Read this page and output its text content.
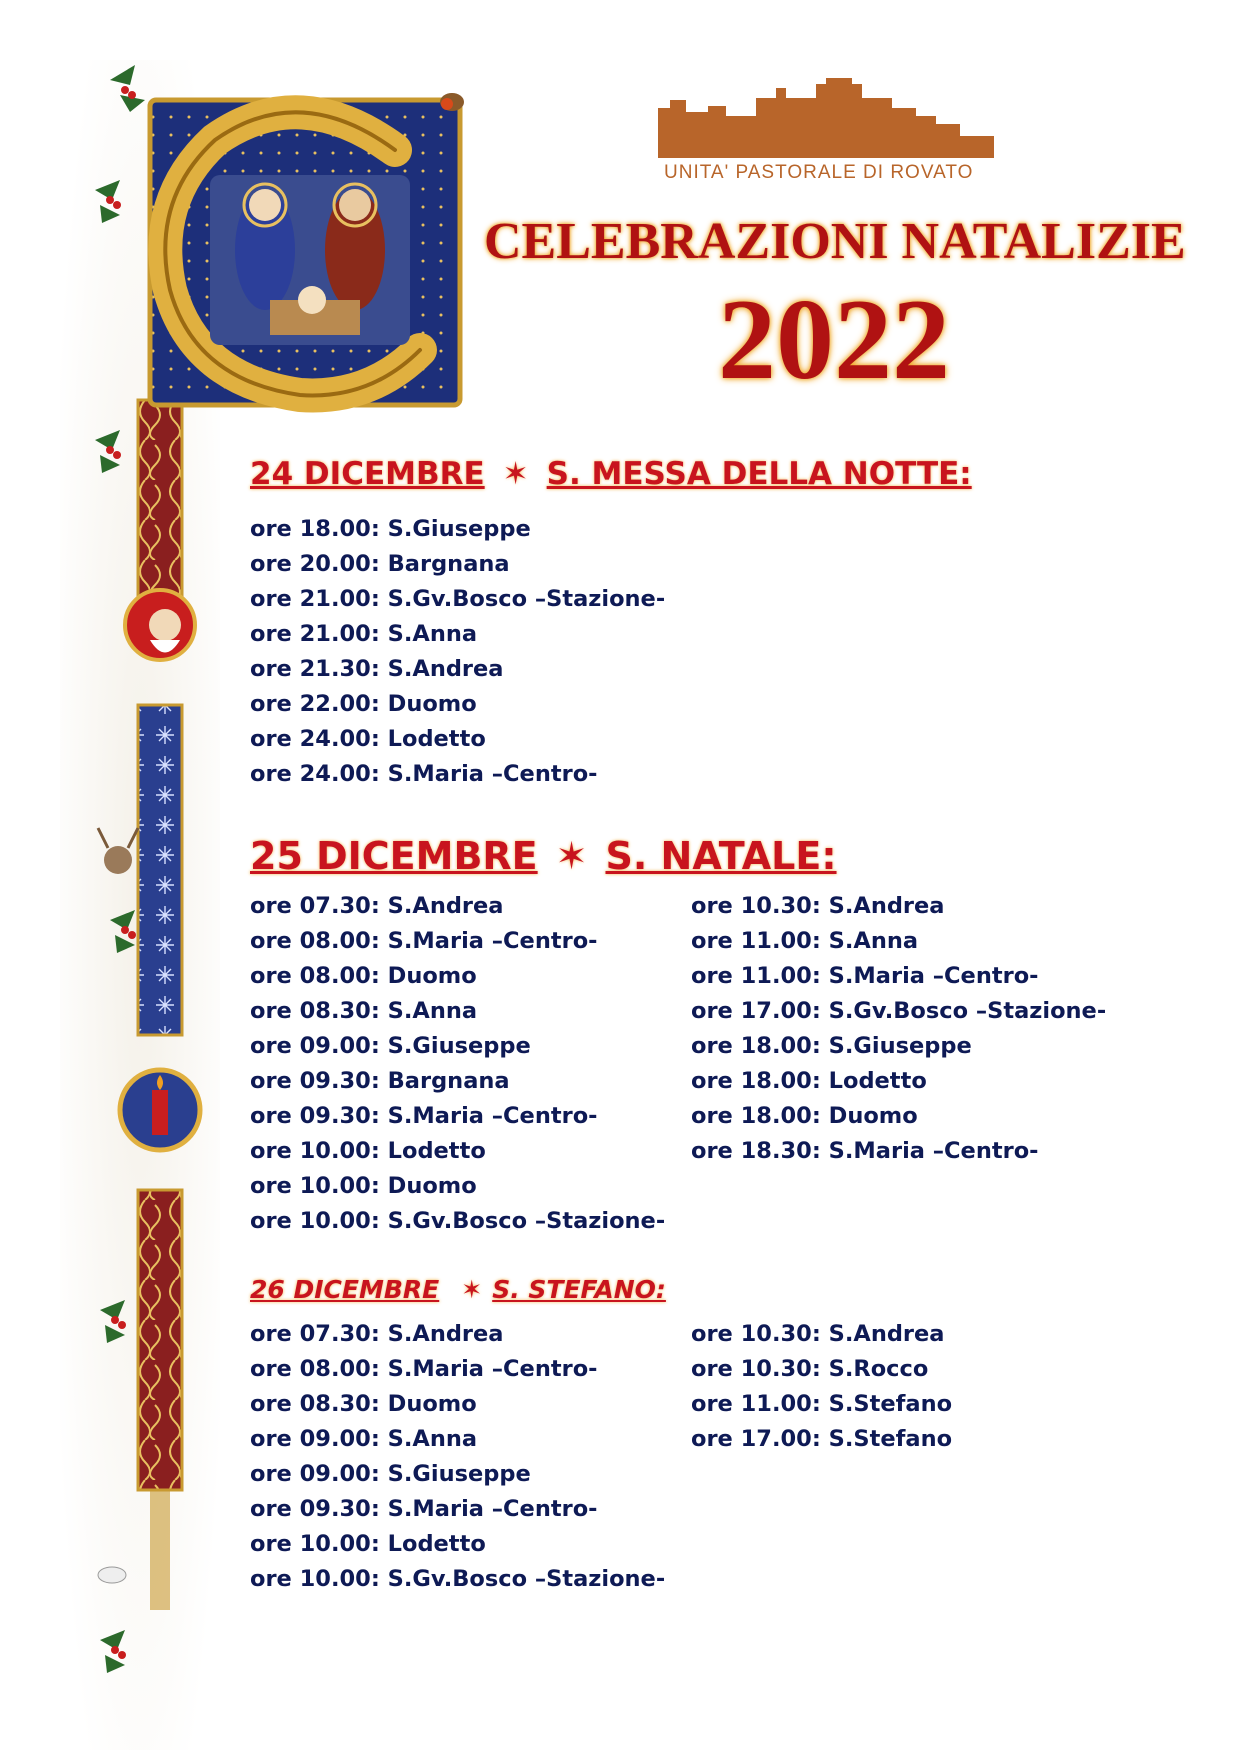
UNITA' PASTORALE DI ROVATO
CELEBRAZIONI NATALIZIE
2022
24 DICEMBRE ✶ S. MESSA DELLA NOTTE:
ore 18.00: S.Giuseppe
ore 20.00: Bargnana
ore 21.00: S.Gv.Bosco –Stazione-
ore 21.00: S.Anna
ore 21.30: S.Andrea
ore 22.00: Duomo
ore 24.00: Lodetto
ore 24.00: S.Maria –Centro-
25 DICEMBRE ✶ S. NATALE:
ore 07.30: S.Andrea
ore 08.00: S.Maria –Centro-
ore 08.00: Duomo
ore 08.30: S.Anna
ore 09.00: S.Giuseppe
ore 09.30: Bargnana
ore 09.30: S.Maria –Centro-
ore 10.00: Lodetto
ore 10.00: Duomo
ore 10.00: S.Gv.Bosco –Stazione-
ore 10.30: S.Andrea
ore 11.00: S.Anna
ore 11.00: S.Maria –Centro-
ore 17.00: S.Gv.Bosco –Stazione-
ore 18.00: S.Giuseppe
ore 18.00: Lodetto
ore 18.00: Duomo
ore 18.30: S.Maria –Centro-
26 DICEMBRE ✶ S. STEFANO:
ore 07.30: S.Andrea
ore 08.00: S.Maria –Centro-
ore 08.30: Duomo
ore 09.00: S.Anna
ore 09.00: S.Giuseppe
ore 09.30: S.Maria –Centro-
ore 10.00: Lodetto
ore 10.00: S.Gv.Bosco –Stazione-
ore 10.30: S.Andrea
ore 10.30: S.Rocco
ore 11.00: S.Stefano
ore 17.00: S.Stefano
